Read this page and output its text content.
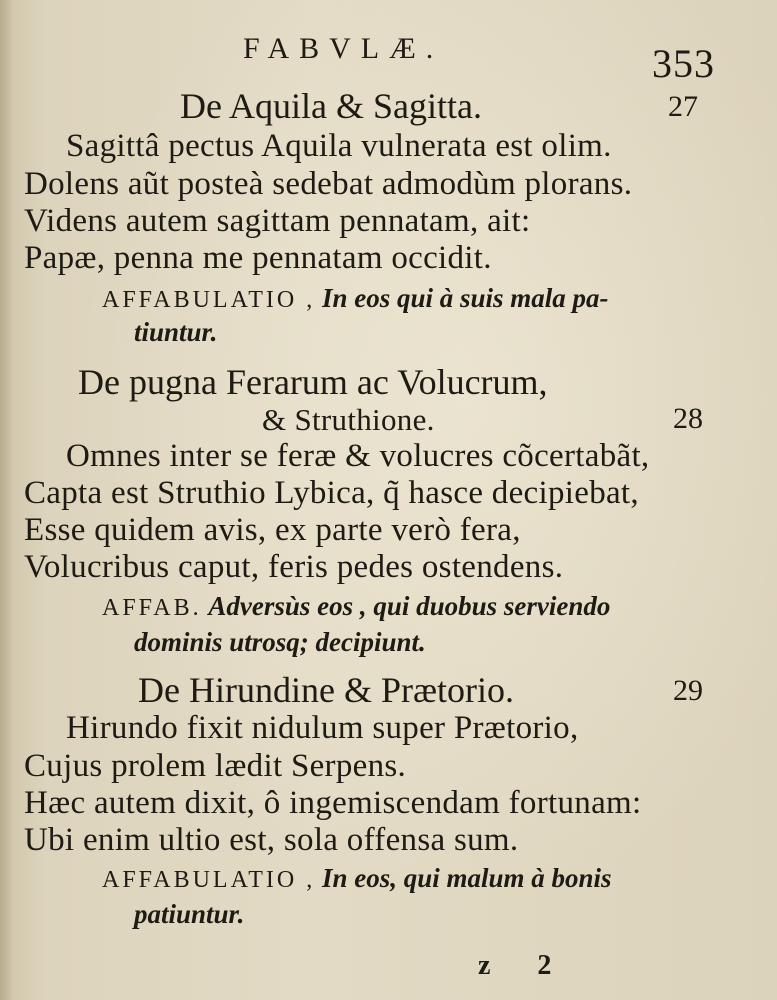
FABVLÆ.	353
De Aquila & Sagitta.	27
Sagittâ pectus Aquila vulnerata est olim.
Dolens aũt posteà sedebat admodùm plorans.
Videns autem sagittam pennatam, ait:
Papæ, penna me pennatam occidit.
AFFABULATIO , In eos qui à suis mala pa-
tiuntur.
De pugna Ferarum ac Volucrum,
& Struthione.	28
Omnes inter se feræ & volucres cõcertabãt,
Capta est Struthio Lybica, q̃ hasce decipiebat,
Esse quidem avis, ex parte verò fera,
Volucribus caput, feris pedes ostendens.
AFFAB. Adversùs eos , qui duobus serviendo
dominis utrosq; decipiunt.
De Hirundine & Prætorio.	29
Hirundo fixit nidulum super Prætorio,
Cujus prolem lædit Serpens.
Hæc autem dixit, ô ingemiscendam fortunam:
Ubi enim ultio est, sola offensa sum.
AFFABULATIO , In eos, qui malum à bonis
patiuntur.
z 2
